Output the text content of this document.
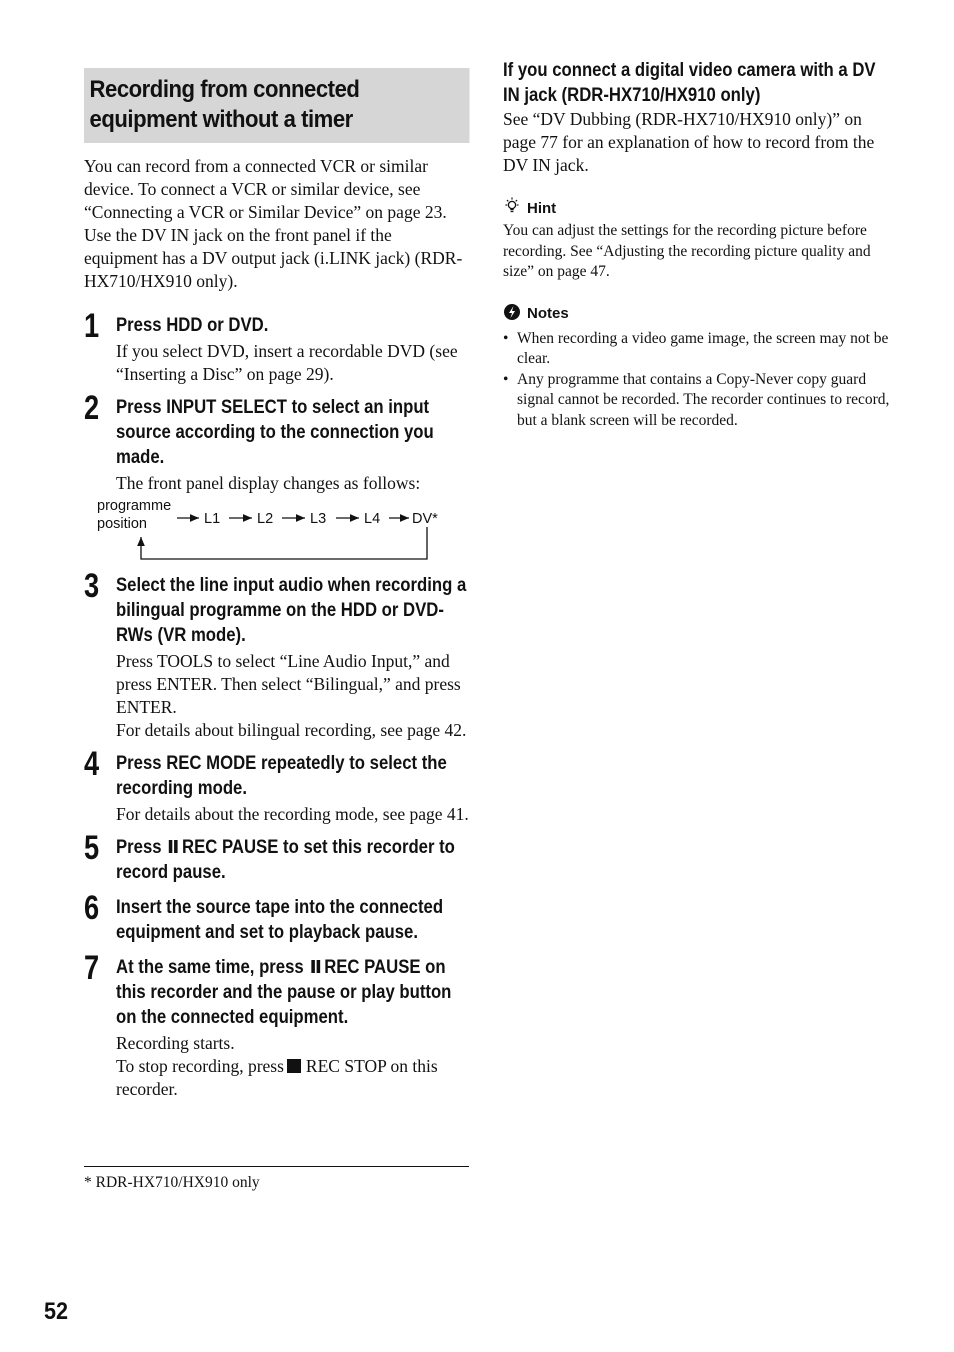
Recording from connected equipment without a timer
You can record from a connected VCR or similar device. To connect a VCR or similar device, see “Connecting a VCR or Similar Device” on page 23. Use the DV IN jack on the front panel if the equipment has a DV output jack (i.LINK jack) (RDR-HX710/HX910 only).
1 Press HDD or DVD.

If you select DVD, insert a recordable DVD (see “Inserting a Disc” on page 29).

2 Press INPUT SELECT to select an input source according to the connection you made.

The front panel display changes as follows:

programme position	L1	L2	L3	L4 DV*
3 Select the line input audio when recording a bilingual programme on the HDD or DVD-RWs (VR mode).

Press TOOLS to select “Line Audio Input,” and press ENTER. Then select “Bilingual,” and press ENTER.

For details about bilingual recording, see page 42.

4 Press REC MODE repeatedly to select the recording mode.

For details about the recording mode, see page 41.

5 Press REC PAUSE to set this recorder to record pause.
6 Insert the source tape into the connected equipment and set to playback pause.
7 At the same time, press REC PAUSE on this recorder and the pause or play button on the connected equipment.

Recording starts.

To stop recording, press REC STOP on this recorder.

* RDR-HX710/HX910 only
52
If you connect a digital video camera with a DV IN jack (RDR-HX710/HX910 only)
See “DV Dubbing (RDR-HX710/HX910 only)” on page 77 for an explanation of how to record from the DV IN jack.
Hint
You can adjust the settings for the recording picture before recording. See “Adjusting the recording picture quality and size” on page 47.
Notes
• When recording a video game image, the screen may not be clear.
• Any programme that contains a Copy-Never copy guard signal cannot be recorded. The recorder continues to record, but a blank screen will be recorded.
